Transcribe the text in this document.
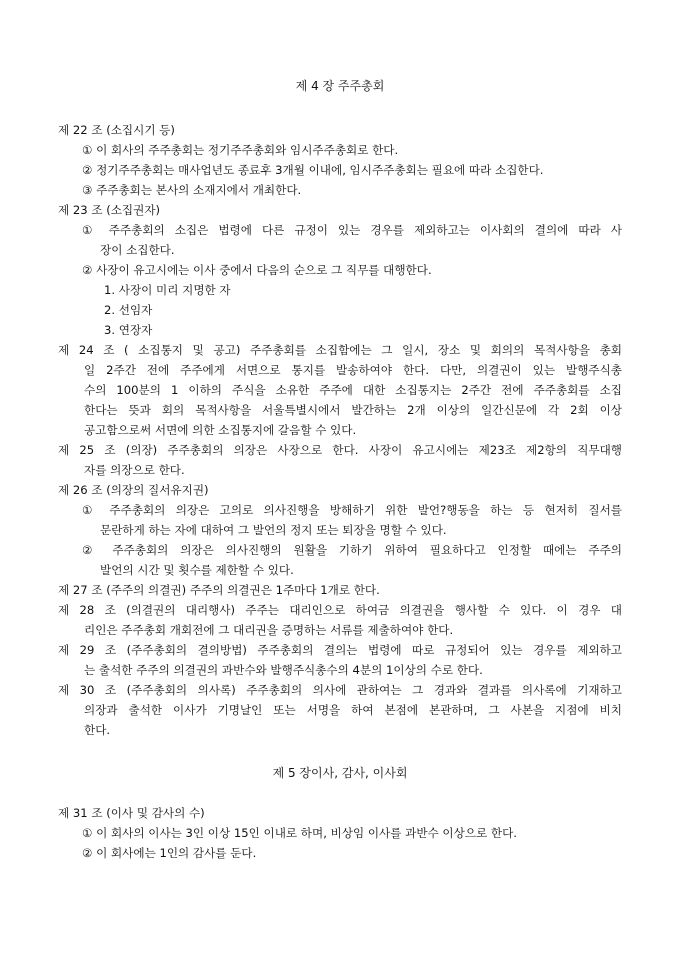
제 4 장 주주총회
제 22 조 (소집시기 등)
① 이 회사의 주주총회는 정기주주총회와 임시주주총회로 한다.
② 정기주주총회는 매사업년도 종료후 3개월 이내에, 임시주주총회는 필요에 따라 소집한다.
③ 주주총회는 본사의 소재지에서 개최한다.
제 23 조 (소집권자)
① 주주총회의 소집은 법령에 다른 규정이 있는 경우를 제외하고는 이사회의 결의에 따라 사
장이 소집한다.
② 사장이 유고시에는 이사 중에서 다음의 순으로 그 직무를 대행한다.
1. 사장이 미리 지명한 자
2. 선임자
3. 연장자
제 24 조 ( 소집통지 및 공고) 주주총회를 소집함에는 그 일시, 장소 및 회의의 목적사항을 총회
일 2주간 전에 주주에게 서면으로 통지를 발송하여야 한다. 다만, 의결권이 있는 발행주식총
수의 100분의 1 이하의 주식을 소유한 주주에 대한 소집통지는 2주간 전에 주주총회를 소집
한다는 뜻과 회의 목적사항을 서울특별시에서 발간하는 2개 이상의 일간신문에 각 2회 이상
공고함으로써 서면에 의한 소집통지에 갈음할 수 있다.
제 25 조 (의장) 주주총회의 의장은 사장으로 한다. 사장이 유고시에는 제23조 제2항의 직무대행
자를 의장으로 한다.
제 26 조 (의장의 질서유지권)
① 주주총회의 의장은 고의로 의사진행을 방해하기 위한 발언?행동을 하는 등 현저히 질서를
문란하게 하는 자에 대하여 그 발언의 정지 또는 퇴장을 명할 수 있다.
② 주주총회의 의장은 의사진행의 원활을 기하기 위하여 필요하다고 인정할 때에는 주주의
발언의 시간 및 횟수를 제한할 수 있다.
제 27 조 (주주의 의결권) 주주의 의결권은 1주마다 1개로 한다.
제 28 조 (의결권의 대리행사) 주주는 대리인으로 하여금 의결권을 행사할 수 있다. 이 경우 대
리인은 주주총회 개회전에 그 대리권을 증명하는 서류를 제출하여야 한다.
제 29 조 (주주총회의 결의방법) 주주총회의 결의는 법령에 따로 규정되어 있는 경우를 제외하고
는 출석한 주주의 의결권의 과반수와 발행주식총수의 4분의 1이상의 수로 한다.
제 30 조 (주주총회의 의사록) 주주총회의 의사에 관하여는 그 경과와 결과를 의사록에 기재하고
의장과 출석한 이사가 기명날인 또는 서명을 하여 본점에 본관하며, 그 사본을 지점에 비치
한다.
제 5 장이사, 감사, 이사회
제 31 조 (이사 및 감사의 수)
① 이 회사의 이사는 3인 이상 15인 이내로 하며, 비상임 이사를 과반수 이상으로 한다.
② 이 회사에는 1인의 감사를 둔다.
